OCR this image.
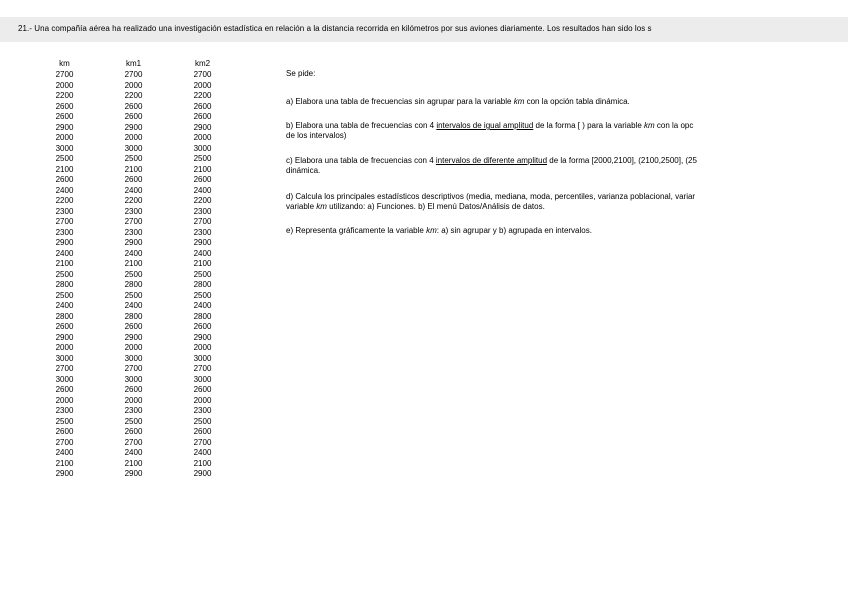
21.- Una compañía aérea ha realizado una investigación estadística en relación a la distancia recorrida en kilómetros por sus aviones diariamente. Los resultados han sido los s
km	km1	km2
2700	2700	2700
2000	2000	2000
2200	2200	2200
2600	2600	2600
2600	2600	2600
2900	2900	2900
2000	2000	2000
3000	3000	3000
2500	2500	2500
2100	2100	2100
2600	2600	2600
2400	2400	2400
2200	2200	2200
2300	2300	2300
2700	2700	2700
2300	2300	2300
2900	2900	2900
2400	2400	2400
2100	2100	2100
2500	2500	2500
2800	2800	2800
2500	2500	2500
2400	2400	2400
2800	2800	2800
2600	2600	2600
2900	2900	2900
2000	2000	2000
3000	3000	3000
2700	2700	2700
3000	3000	3000
2600	2600	2600
2000	2000	2000
2300	2300	2300
2500	2500	2500
2600	2600	2600
2700	2700	2700
2400	2400	2400
2100	2100	2100
2900	2900	2900
Se pide:
a) Elabora una tabla de frecuencias sin agrupar para la variable km con la opción tabla dinámica.
b) Elabora una tabla de frecuencias con 4 intervalos de igual amplitud de la forma [ ) para la variable km con la opc
de los intervalos)
c) Elabora una tabla de frecuencias con 4 intervalos de diferente amplitud de la forma [2000,2100], (2100,2500], (25
dinámica.
d) Calcula los principales estadísticos descriptivos (media, mediana, moda, percentiles, varianza poblacional, variar
variable km utilizando: a) Funciones. b) El menú Datos/Análisis de datos.
e) Representa gráficamente la variable km: a) sin agrupar y b) agrupada en intervalos.
